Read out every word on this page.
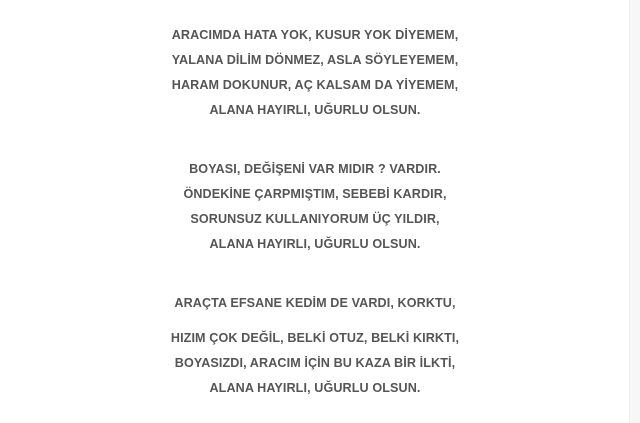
ARACIMDA HATA YOK, KUSUR YOK DİYEMEM,
YALANA DİLİM DÖNMEZ, ASLA SÖYLEYEMEM,
HARAM DOKUNUR, AÇ KALSAM DA YİYEMEM,
ALANA HAYIRLI, UĞURLU OLSUN.
BOYASI, DEĞİŞENİ VAR MIDIR ? VARDIR.
ÖNDEKİNE ÇARPMIŞTIM, SEBEBİ KARDIR,
SORUNSUZ KULLANIYORUM ÜÇ YILDIR,
ALANA HAYIRLI, UĞURLU OLSUN.
ARAÇTA EFSANE KEDİM DE VARDI, KORKTU,
HIZIM ÇOK DEĞİL, BELKİ OTUZ, BELKİ KIRKTI,
BOYASIZDI, ARACIM İÇİN BU KAZA BİR İLKTİ,
ALANA HAYIRLI, UĞURLU OLSUN.
